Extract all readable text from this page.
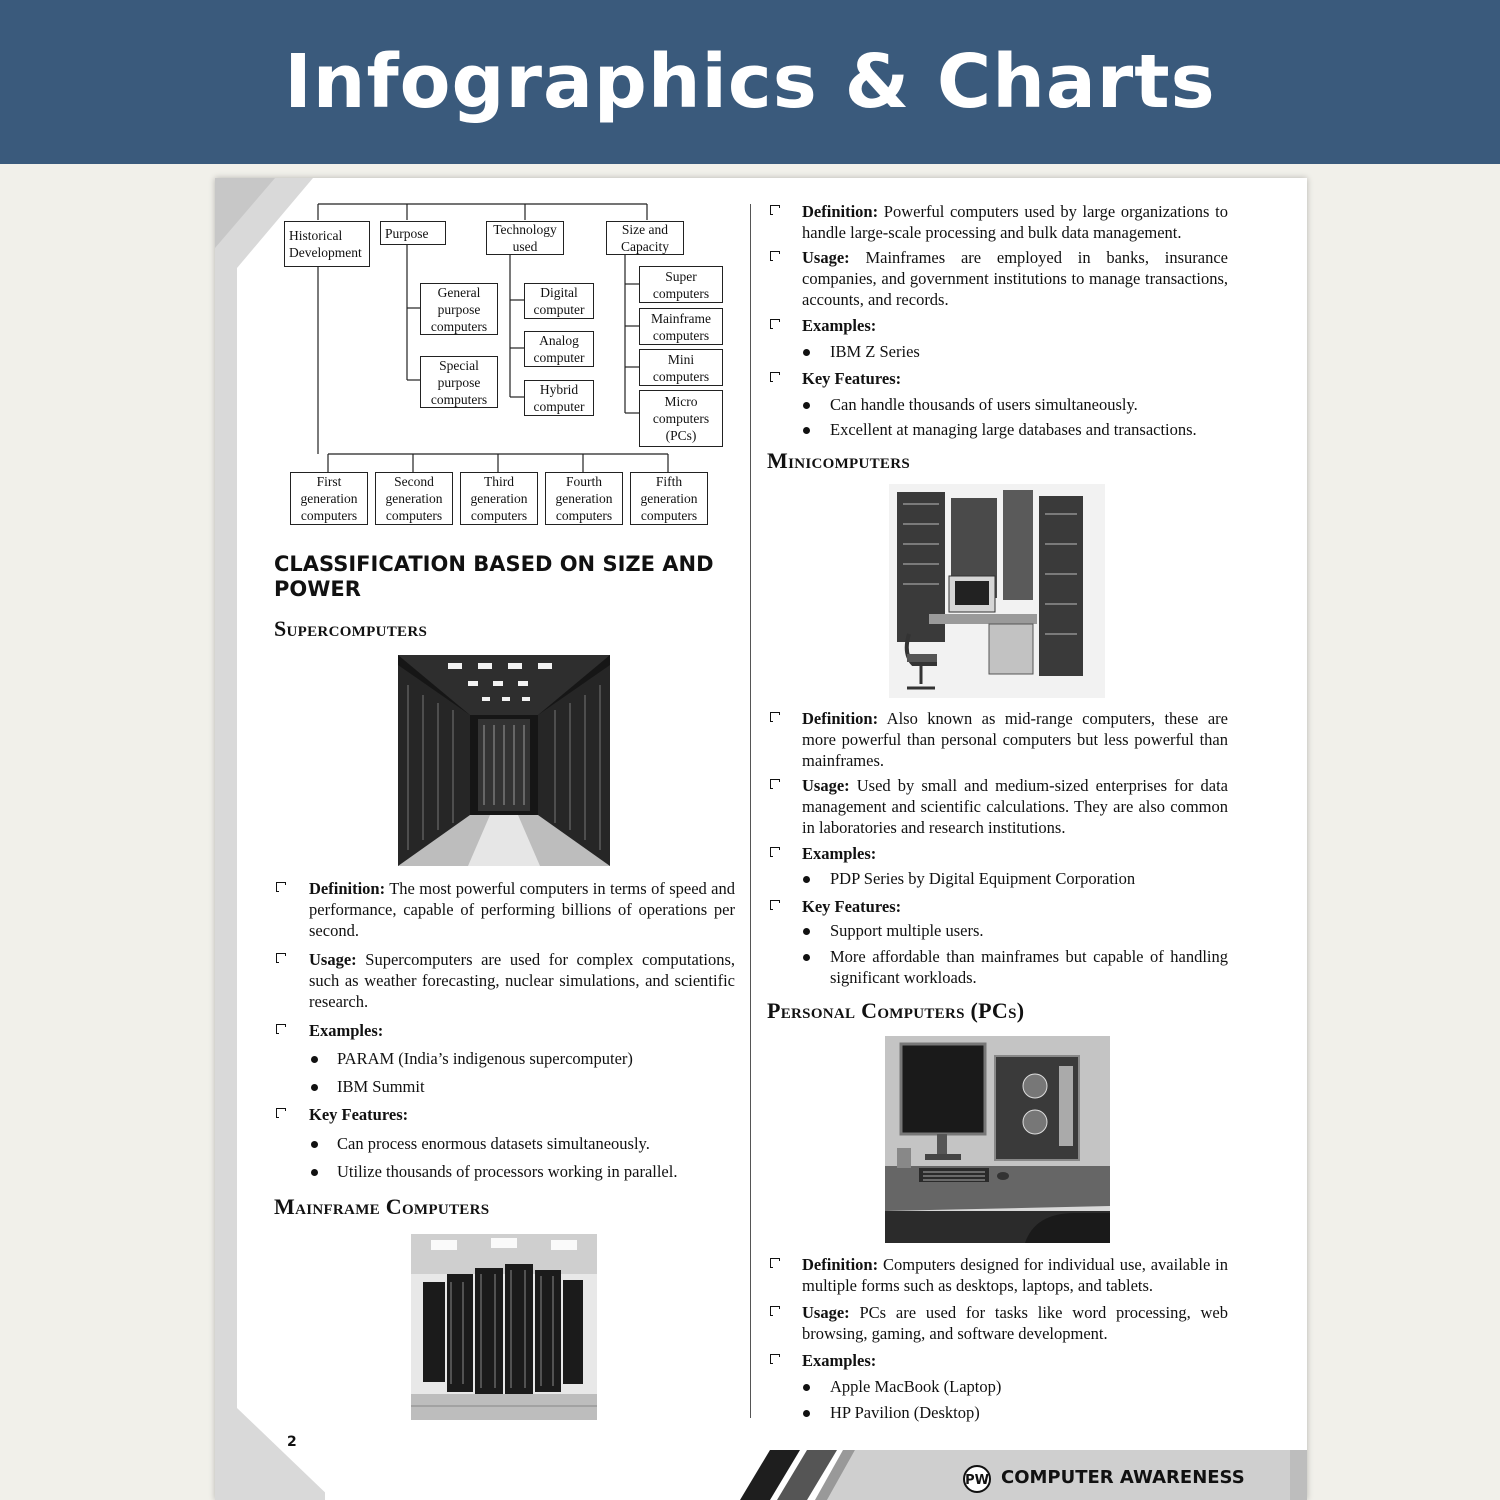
Infographics & Charts
Historical
Development
Purpose	Technology
used
Size and
Capacity
General
purpose
computers
Special
purpose
computers
Digital
computer
Analog
computer
Hybrid
computer
Super
computers
Mainframe
computers
Mini
computers
Micro
computers
(PCs)
First
generation
computers
Second
generation
computers
Third
generation
computers
Fourth
generation
computers
Fifth
generation
computers
CLASSIFICATION BASED ON SIZE AND POWER
Supercomputers
Definition: The most powerful computers in terms of speed and performance, capable of performing billions of operations per second.
Usage: Supercomputers are used for complex computations, such as weather forecasting, nuclear simulations, and scientific research.
Examples:
PARAM (India’s indigenous supercomputer)
IBM Summit
Key Features:
Can process enormous datasets simultaneously.
Utilize thousands of processors working in parallel.
Mainframe Computers
2
Definition: Powerful computers used by large organizations to handle large-scale processing and bulk data management.
Usage: Mainframes are employed in banks, insurance companies, and government institutions to manage transactions, accounts, and records.
Examples:
IBM Z Series
Key Features:
Can handle thousands of users simultaneously.
Excellent at managing large databases and transactions.
Minicomputers
Definition: Also known as mid-range computers, these are more powerful than personal computers but less powerful than mainframes.
Usage: Used by small and medium-sized enterprises for data management and scientific calculations. They are also common in laboratories and research institutions.
Examples:
PDP Series by Digital Equipment Corporation
Key Features:
Support multiple users.
More affordable than mainframes but capable of handling significant workloads.
Personal Computers (PCs)
Definition: Computers designed for individual use, available in multiple forms such as desktops, laptops, and tablets.
Usage: PCs are used for tasks like word processing, web browsing, gaming, and software development.
Examples:
Apple MacBook (Laptop)
HP Pavilion (Desktop)
PW COMPUTER AWARENESS
